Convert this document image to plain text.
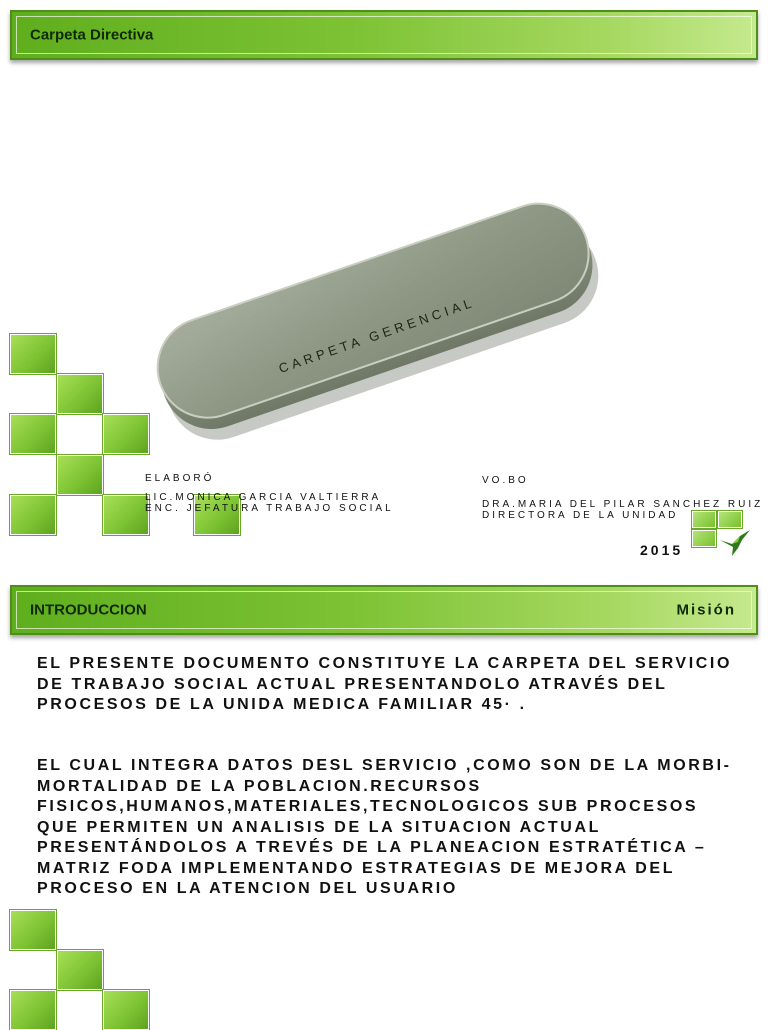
Carpeta Directiva
CARPETA GERENCIAL
ELABORÓ
LIC.MONICA GARCIA VALTIERRA
ENC. JEFATURA TRABAJO SOCIAL
VO.BO
DRA.MARIA DEL PILAR SANCHEZ RUIZ
DIRECTORA DE LA UNIDAD
2015
INTRODUCCION	Misión
EL PRESENTE DOCUMENTO CONSTITUYE LA CARPETA DEL SERVICIO DE TRABAJO SOCIAL ACTUAL PRESENTANDOLO ATRAVÉS DEL PROCESOS DE LA UNIDA MEDICA FAMILIAR 45· .
EL CUAL INTEGRA DATOS DESL SERVICIO ,COMO SON DE LA MORBI-MORTALIDAD DE LA POBLACION.RECURSOS FISICOS,HUMANOS,MATERIALES,TECNOLOGICOS SUB PROCESOS QUE PERMITEN UN ANALISIS DE LA SITUACION ACTUAL PRESENTÁNDOLOS A TREVÉS DE LA PLANEACION ESTRATÉTICA –MATRIZ FODA IMPLEMENTANDO ESTRATEGIAS DE MEJORA DEL PROCESO EN LA ATENCION DEL USUARIO
